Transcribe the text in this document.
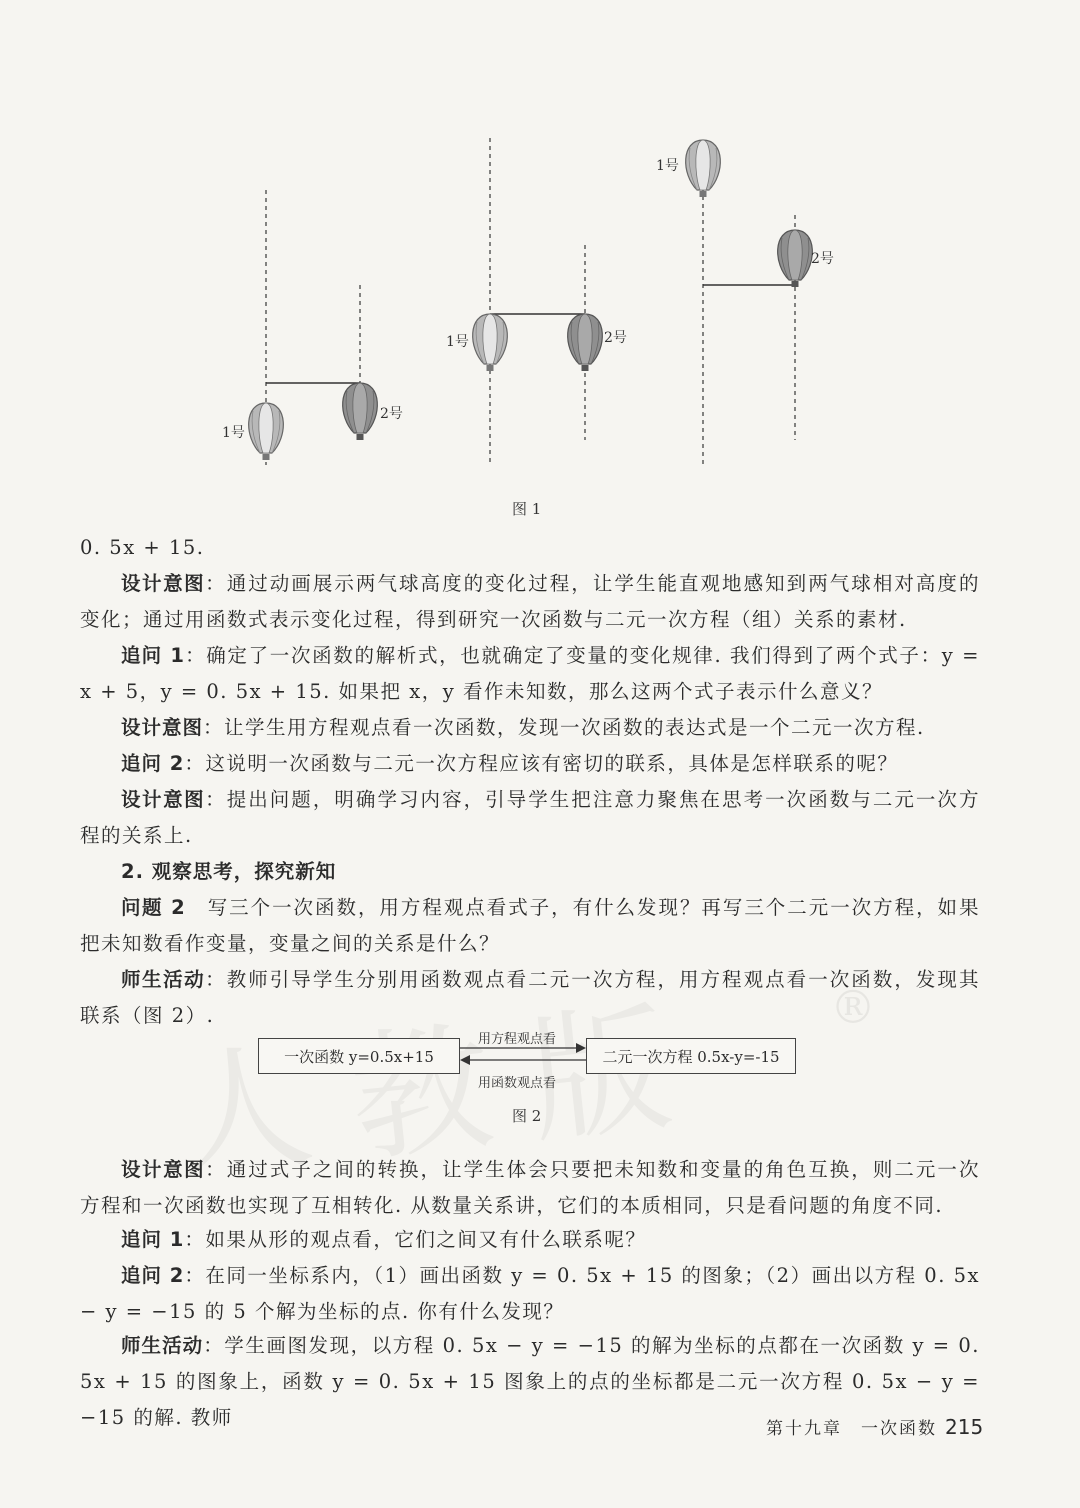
1号
2号
1号	2号
1号
2号
图 1
®
0. 5x + 15.
设计意图：通过动画展示两气球高度的变化过程，让学生能直观地感知到两气球相对高度的变化；通过用函数式表示变化过程，得到研究一次函数与二元一次方程（组）关系的素材.
追问 1：确定了一次函数的解析式，也就确定了变量的变化规律. 我们得到了两个式子：y = x + 5，y = 0. 5x + 15. 如果把 x，y 看作未知数，那么这两个式子表示什么意义？
设计意图：让学生用方程观点看一次函数，发现一次函数的表达式是一个二元一次方程.
追问 2：这说明一次函数与二元一次方程应该有密切的联系，具体是怎样联系的呢？
设计意图：提出问题，明确学习内容，引导学生把注意力聚焦在思考一次函数与二元一次方程的关系上.
2. 观察思考，探究新知
问题 2　写三个一次函数，用方程观点看式子，有什么发现？再写三个二元一次方程，如果把未知数看作变量，变量之间的关系是什么？
师生活动：教师引导学生分别用函数观点看二元一次方程，用方程观点看一次函数，发现其联系（图 2）.
一次函数 y=0.5x+15	二元一次方程 0.5x-y=-15
用方程观点看
用函数观点看
图 2
设计意图：通过式子之间的转换，让学生体会只要把未知数和变量的角色互换，则二元一次方程和一次函数也实现了互相转化. 从数量关系讲，它们的本质相同，只是看问题的角度不同.
追问 1：如果从形的观点看，它们之间又有什么联系呢？
追问 2：在同一坐标系内，（1）画出函数 y = 0. 5x + 15 的图象；（2）画出以方程 0. 5x − y = −15 的 5 个解为坐标的点. 你有什么发现？
师生活动：学生画图发现，以方程 0. 5x − y = −15 的解为坐标的点都在一次函数 y = 0. 5x + 15 的图象上，函数 y = 0. 5x + 15 图象上的点的坐标都是二元一次方程 0. 5x − y = −15 的解. 教师	第十九章　一次函数 215
